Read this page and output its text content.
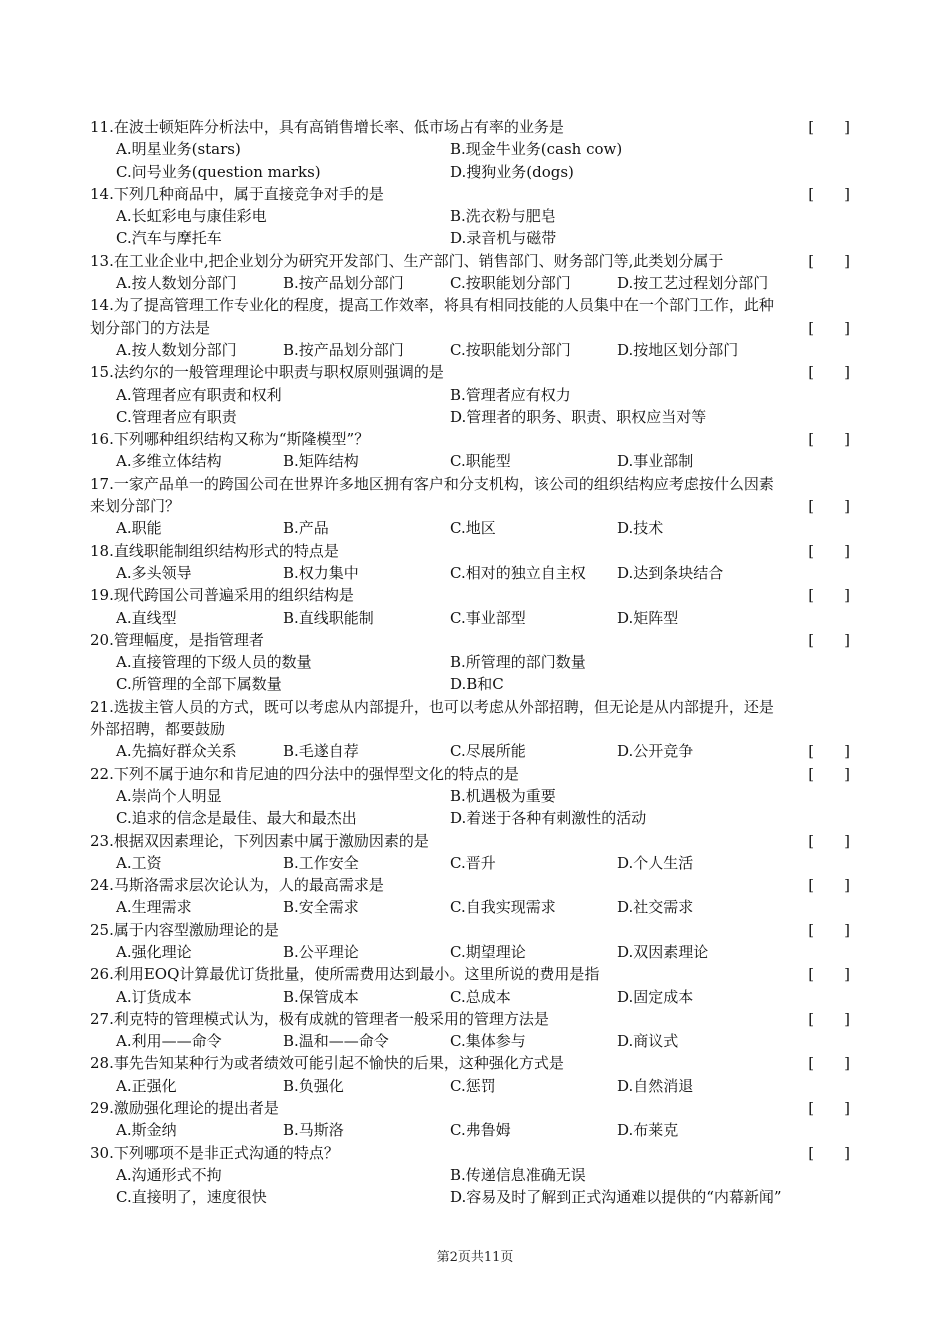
11.在波士顿矩阵分析法中，具有高销售增长率、低市场占有率的业务是	[　　]
A.明星业务(stars)	B.现金牛业务(cash cow)
C.问号业务(question marks)	D.搜狗业务(dogs)
14.下列几种商品中，属于直接竞争对手的是	[　　]
A.长虹彩电与康佳彩电	B.洗衣粉与肥皂
C.汽车与摩托车	D.录音机与磁带
13.在工业企业中,把企业划分为研究开发部门、生产部门、销售部门、财务部门等,此类划分属于	[　　]
A.按人数划分部门	B.按产品划分部门	C.按职能划分部门	D.按工艺过程划分部门
14.为了提高管理工作专业化的程度，提高工作效率，将具有相同技能的人员集中在一个部门工作，此种
划分部门的方法是	[　　]
A.按人数划分部门	B.按产品划分部门	C.按职能划分部门	D.按地区划分部门
15.法约尔的一般管理理论中职责与职权原则强调的是	[　　]
A.管理者应有职责和权利	B.管理者应有权力
C.管理者应有职责	D.管理者的职务、职责、职权应当对等
16.下列哪种组织结构又称为“斯隆模型”？	[　　]
A.多维立体结构	B.矩阵结构	C.职能型	D.事业部制
17.一家产品单一的跨国公司在世界许多地区拥有客户和分支机构，该公司的组织结构应考虑按什么因素
来划分部门？	[　　]
A.职能	B.产品	C.地区	D.技术
18.直线职能制组织结构形式的特点是	[　　]
A.多头领导	B.权力集中	C.相对的独立自主权 D.达到条块结合
19.现代跨国公司普遍采用的组织结构是	[　　]
A.直线型	B.直线职能制	C.事业部型	D.矩阵型
20.管理幅度，是指管理者	[　　]
A.直接管理的下级人员的数量	B.所管理的部门数量
C.所管理的全部下属数量	D.B和C
21.选拔主管人员的方式，既可以考虑从内部提升，也可以考虑从外部招聘，但无论是从内部提升，还是
外部招聘，都要鼓励
[　　]
A.先搞好群众关系	B.毛遂自荐	C.尽展所能	D.公开竞争
22.下列不属于迪尔和肯尼迪的四分法中的强悍型文化的特点的是	[　　]
A.崇尚个人明显	B.机遇极为重要
C.追求的信念是最佳、最大和最杰出	D.着迷于各种有刺激性的活动
23.根据双因素理论，下列因素中属于激励因素的是	[　　]
A.工资	B.工作安全	C.晋升	D.个人生活
24.马斯洛需求层次论认为，人的最高需求是	[　　]
A.生理需求	B.安全需求	C.自我实现需求	D.社交需求
25.属于内容型激励理论的是	[　　]
A.强化理论	B.公平理论	C.期望理论	D.双因素理论
26.利用EOQ计算最优订货批量，使所需费用达到最小。这里所说的费用是指	[　　]
A.订货成本	B.保管成本	C.总成本	D.固定成本
27.利克特的管理模式认为，极有成就的管理者一般采用的管理方法是	[　　]
A.利用——命令	B.温和——命令	C.集体参与	D.商议式
28.事先告知某种行为或者绩效可能引起不愉快的后果，这种强化方式是	[　　]
A.正强化	B.负强化	C.惩罚	D.自然消退
29.激励强化理论的提出者是	[　　]
A.斯金纳	B.马斯洛	C.弗鲁姆	D.布莱克
30.下列哪项不是非正式沟通的特点？	[　　]
A.沟通形式不拘	B.传递信息准确无误
C.直接明了，速度很快	D.容易及时了解到正式沟通难以提供的“内幕新闻”
第2页共11页
